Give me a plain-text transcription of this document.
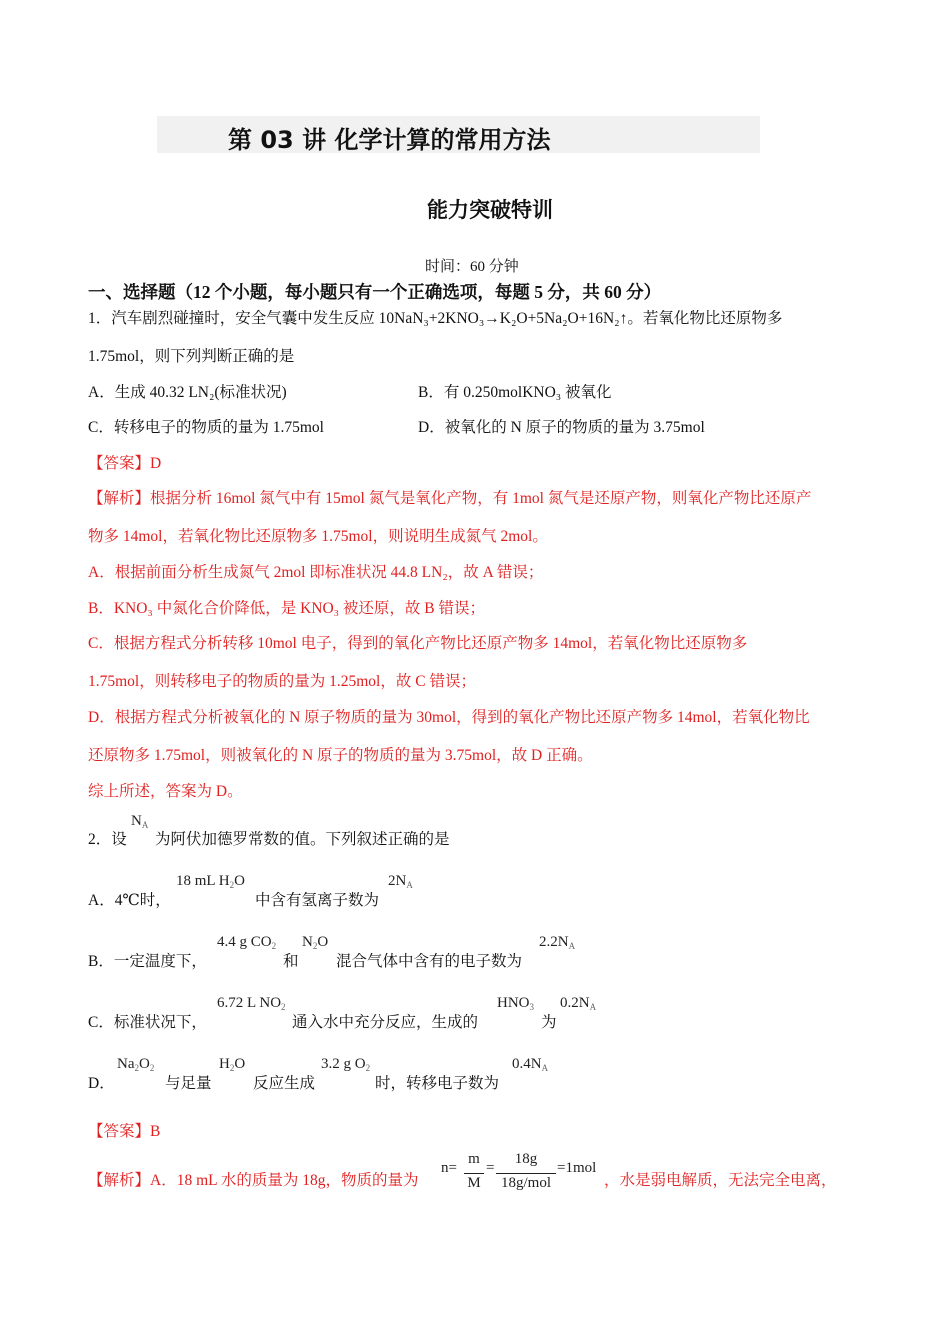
第 03 讲 化学计算的常用方法
能力突破特训
时间：60 分钟
一、选择题（12 个小题，每小题只有一个正确选项，每题 5 分，共 60 分）
1．汽车剧烈碰撞时，安全气囊中发生反应 10NaN₃+2KNO₃→K₂O+5Na₂O+16N₂↑。若氧化物比还原物多
1.75mol，则下列判断正确的是
A．生成 40.32 LN₂(标准状况)	B．有 0.250molKNO₃ 被氧化
C．转移电子的物质的量为 1.75mol	D．被氧化的 N 原子的物质的量为 3.75mol
【答案】D
【解析】根据分析 16mol 氮气中有 15mol 氮气是氧化产物，有 1mol 氮气是还原产物，则氧化产物比还原产
物多 14mol，若氧化物比还原物多 1.75mol，则说明生成氮气 2mol。
A．根据前面分析生成氮气 2mol 即标准状况 44.8 LN₂，故 A 错误；
B．KNO₃ 中氮化合价降低，是 KNO₃ 被还原，故 B 错误；
C．根据方程式分析转移 10mol 电子，得到的氧化产物比还原产物多 14mol，若氧化物比还原物多
1.75mol，则转移电子的物质的量为 1.25mol，故 C 错误；
D．根据方程式分析被氧化的 N 原子物质的量为 30mol，得到的氧化产物比还原产物多 14mol，若氧化物比
还原物多 1.75mol，则被氧化的 N 原子的物质的量为 3.75mol，故 D 正确。
综上所述，答案为 D。
2．设
$N_A$
为阿伏加德罗常数的值。下列叙述正确的是
A．4℃时，
18 mL $H_2O$
中含有氢离子数为
$2N_A$
B．一定温度下，
4.4 g $CO_2$
和
$N_2O$
混合气体中含有的电子数为
$2.2N_A$
C．标准状况下，
6.72 L $NO_2$
通入水中充分反应，生成的
$HNO_3$
为
$0.2N_A$
D．
$Na_2O_2$
与足量
$H_2O$
反应生成
3.2 g $O_2$
时，转移电子数为
$0.4N_A$
【答案】B
【解析】A．18 mL 水的质量为 18g，物质的量为
n=
m
M
=
18g
18g/mol
=1mol
，水是弱电解质，无法完全电离，
